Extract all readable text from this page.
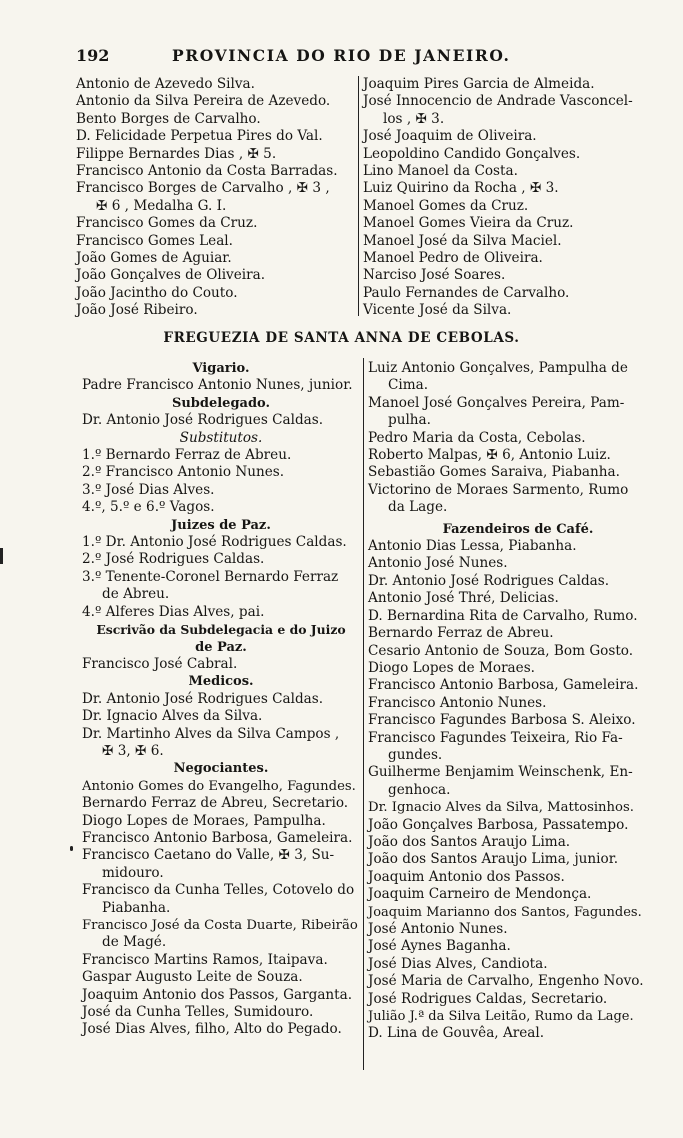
192	PROVINCIA DO RIO DE JANEIRO.
Antonio de Azevedo Silva.
Antonio da Silva Pereira de Azevedo.
Bento Borges de Carvalho.
D. Felicidade Perpetua Pires do Val.
Filippe Bernardes Dias , ✠ 5.
Francisco Antonio da Costa Barradas.
Francisco Borges de Carvalho , ✠ 3 ,
✠ 6 , Medalha G. I.
Francisco Gomes da Cruz.
Francisco Gomes Leal.
João Gomes de Aguiar.
João Gonçalves de Oliveira.
João Jacintho do Couto.
João José Ribeiro.
Joaquim Pires Garcia de Almeida.
José Innocencio de Andrade Vasconcel-
los , ✠ 3.
José Joaquim de Oliveira.
Leopoldino Candido Gonçalves.
Lino Manoel da Costa.
Luiz Quirino da Rocha , ✠ 3.
Manoel Gomes da Cruz.
Manoel Gomes Vieira da Cruz.
Manoel José da Silva Maciel.
Manoel Pedro de Oliveira.
Narciso José Soares.
Paulo Fernandes de Carvalho.
Vicente José da Silva.
FREGUEZIA DE SANTA ANNA DE CEBOLAS.
Vigario.
Padre Francisco Antonio Nunes, junior.
Subdelegado.
Dr. Antonio José Rodrigues Caldas.
Substitutos.
1.º Bernardo Ferraz de Abreu.
2.º Francisco Antonio Nunes.
3.º José Dias Alves.
4.º, 5.º e 6.º Vagos.
Juizes de Paz.
1.º Dr. Antonio José Rodrigues Caldas.
2.º José Rodrigues Caldas.
3.º Tenente-Coronel Bernardo Ferraz
de Abreu.
4.º Alferes Dias Alves, pai.
Escrivão da Subdelegacia e do Juizo
de Paz.
Francisco José Cabral.
Medicos.
Dr. Antonio José Rodrigues Caldas.
Dr. Ignacio Alves da Silva.
Dr. Martinho Alves da Silva Campos ,
✠ 3, ✠ 6.
Negociantes.
Antonio Gomes do Evangelho, Fagundes.
Bernardo Ferraz de Abreu, Secretario.
Diogo Lopes de Moraes, Pampulha.
Francisco Antonio Barbosa, Gameleira.
Francisco Caetano do Valle, ✠ 3, Su-
midouro.
Francisco da Cunha Telles, Cotovelo do
Piabanha.
Francisco José da Costa Duarte, Ribeirão
de Magé.
Francisco Martins Ramos, Itaipava.
Gaspar Augusto Leite de Souza.
Joaquim Antonio dos Passos, Garganta.
José da Cunha Telles, Sumidouro.
José Dias Alves, filho, Alto do Pegado.
Luiz Antonio Gonçalves, Pampulha de
Cima.
Manoel José Gonçalves Pereira, Pam-
pulha.
Pedro Maria da Costa, Cebolas.
Roberto Malpas, ✠ 6, Antonio Luiz.
Sebastião Gomes Saraiva, Piabanha.
Victorino de Moraes Sarmento, Rumo
da Lage.
Fazendeiros de Café.
Antonio Dias Lessa, Piabanha.
Antonio José Nunes.
Dr. Antonio José Rodrigues Caldas.
Antonio José Thré, Delicias.
D. Bernardina Rita de Carvalho, Rumo.
Bernardo Ferraz de Abreu.
Cesario Antonio de Souza, Bom Gosto.
Diogo Lopes de Moraes.
Francisco Antonio Barbosa, Gameleira.
Francisco Antonio Nunes.
Francisco Fagundes Barbosa S. Aleixo.
Francisco Fagundes Teixeira, Rio Fa-
gundes.
Guilherme Benjamim Weinschenk, En-
genhoca.
Dr. Ignacio Alves da Silva, Mattosinhos.
João Gonçalves Barbosa, Passatempo.
João dos Santos Araujo Lima.
João dos Santos Araujo Lima, junior.
Joaquim Antonio dos Passos.
Joaquim Carneiro de Mendonça.
Joaquim Marianno dos Santos, Fagundes.
José Antonio Nunes.
José Aynes Baganha.
José Dias Alves, Candiota.
José Maria de Carvalho, Engenho Novo.
José Rodrigues Caldas, Secretario.
Julião J.ª da Silva Leitão, Rumo da Lage.
D. Lina de Gouvêa, Areal.
